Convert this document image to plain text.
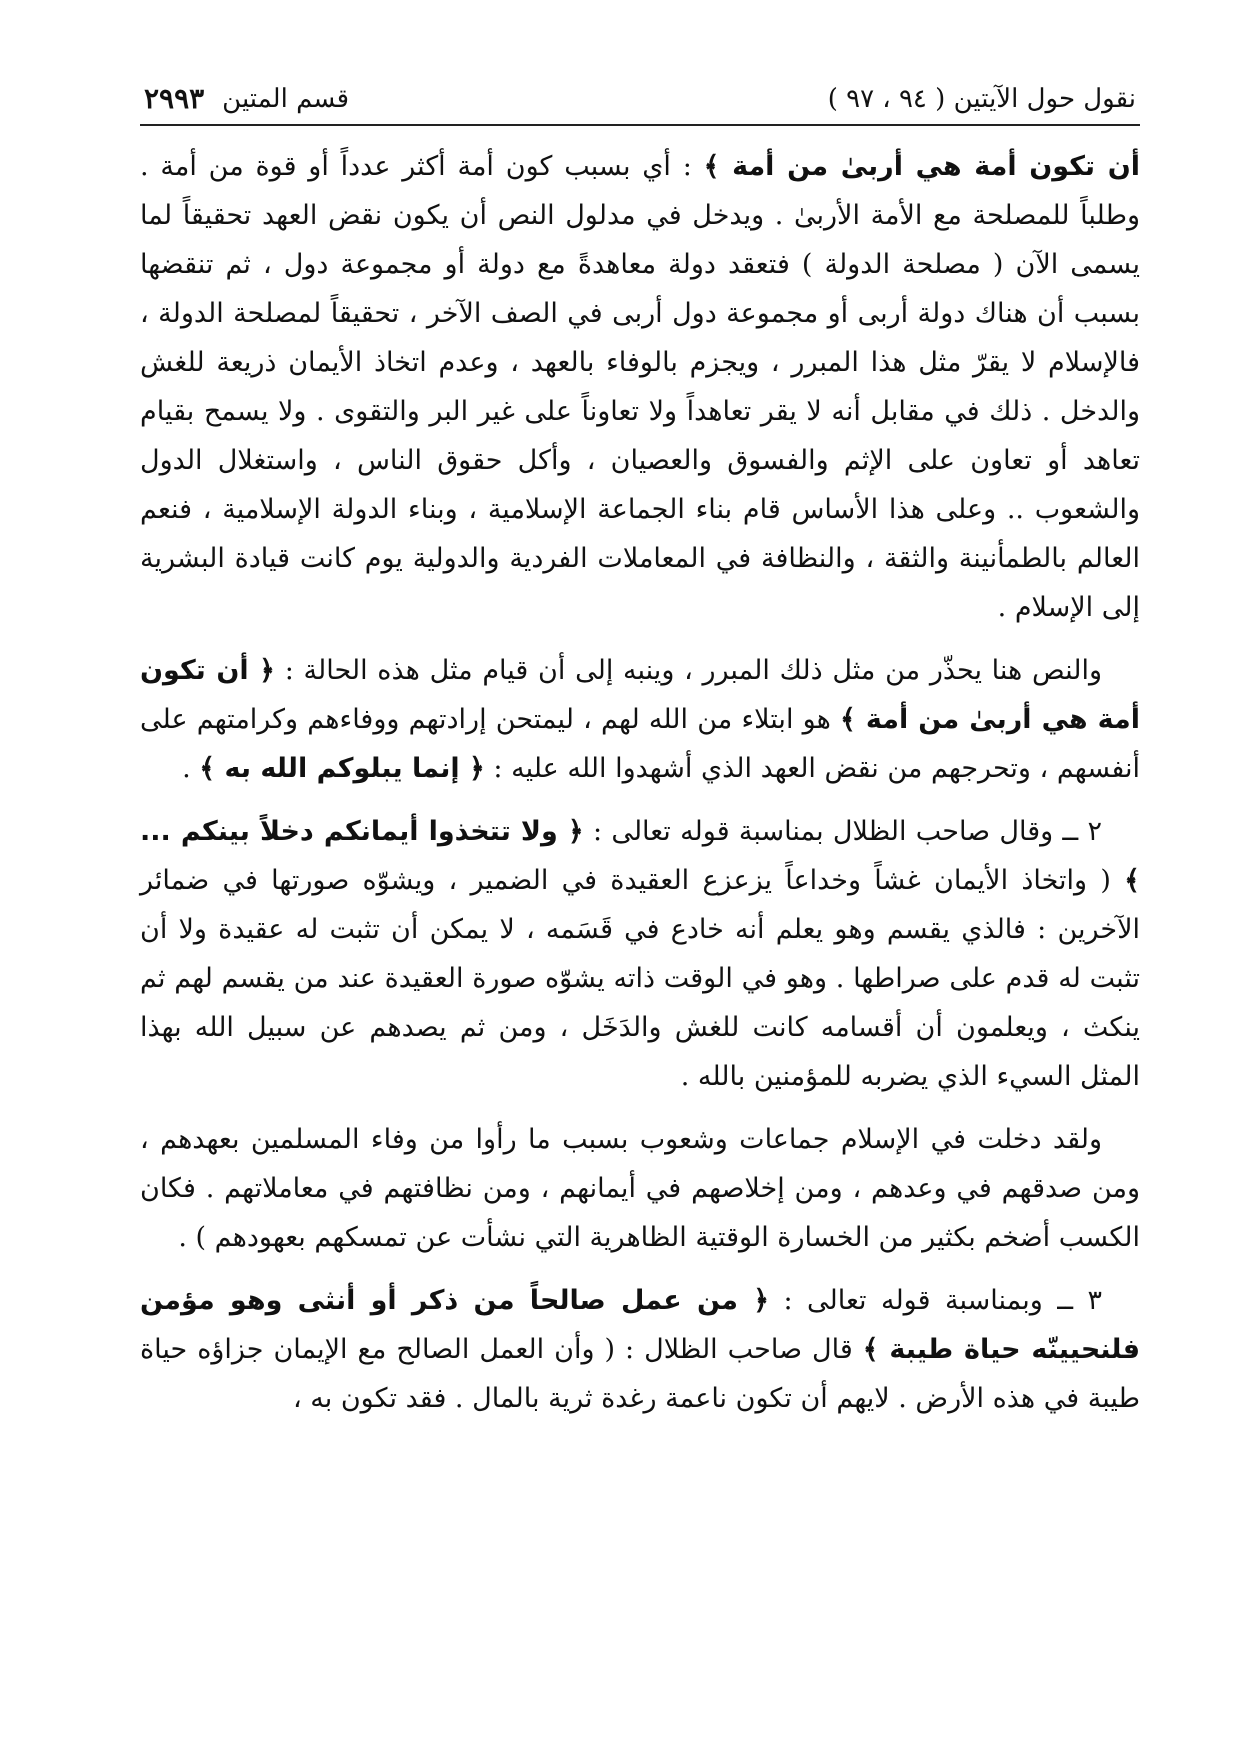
نقول حول الآيتين ( ٩٤ ، ٩٧ )
قسم المتين
٢٩٩٣

أن تكون أمة هي أربىٰ من أمة ﴾ : أي بسبب كون أمة أكثر عدداً أو قوة من أمة . وطلباً للمصلحة مع الأمة الأربىٰ . ويدخل في مدلول النص أن يكون نقض العهد تحقيقاً لما يسمى الآن ( مصلحة الدولة ) فتعقد دولة معاهدةً مع دولة أو مجموعة دول ، ثم تنقضها بسبب أن هناك دولة أربى أو مجموعة دول أربى في الصف الآخر ، تحقيقاً لمصلحة الدولة ، فالإسلام لا يقرّ مثل هذا المبرر ، ويجزم بالوفاء بالعهد ، وعدم اتخاذ الأيمان ذريعة للغش والدخل . ذلك في مقابل أنه لا يقر تعاهداً ولا تعاوناً على غير البر والتقوى . ولا يسمح بقيام تعاهد أو تعاون على الإثم والفسوق والعصيان ، وأكل حقوق الناس ، واستغلال الدول والشعوب .. وعلى هذا الأساس قام بناء الجماعة الإسلامية ، وبناء الدولة الإسلامية ، فنعم العالم بالطمأنينة والثقة ، والنظافة في المعاملات الفردية والدولية يوم كانت قيادة البشرية إلى الإسلام .

والنص هنا يحذّر من مثل ذلك المبرر ، وينبه إلى أن قيام مثل هذه الحالة : ﴿ أن تكون أمة هي أربىٰ من أمة ﴾ هو ابتلاء من الله لهم ، ليمتحن إرادتهم ووفاءهم وكرامتهم على أنفسهم ، وتحرجهم من نقض العهد الذي أشهدوا الله عليه : ﴿ إنما يبلوكم الله به ﴾ .

٢ ــ وقال صاحب الظلال بمناسبة قوله تعالى : ﴿ ولا تتخذوا أيمانكم دخلاً بينكم ... ﴾ ( واتخاذ الأيمان غشاً وخداعاً يزعزع العقيدة في الضمير ، ويشوّه صورتها في ضمائر الآخرين : فالذي يقسم وهو يعلم أنه خادع في قَسَمه ، لا يمكن أن تثبت له عقيدة ولا أن تثبت له قدم على صراطها . وهو في الوقت ذاته يشوّه صورة العقيدة عند من يقسم لهم ثم ينكث ، ويعلمون أن أقسامه كانت للغش والدَخَل ، ومن ثم يصدهم عن سبيل الله بهذا المثل السيء الذي يضربه للمؤمنين بالله .

ولقد دخلت في الإسلام جماعات وشعوب بسبب ما رأوا من وفاء المسلمين بعهدهم ، ومن صدقهم في وعدهم ، ومن إخلاصهم في أيمانهم ، ومن نظافتهم في معاملاتهم . فكان الكسب أضخم بكثير من الخسارة الوقتية الظاهرية التي نشأت عن تمسكهم بعهودهم ) .

٣ ــ وبمناسبة قوله تعالى : ﴿ من عمل صالحاً من ذكر أو أنثى وهو مؤمن فلنحيينّه حياة طيبة ﴾ قال صاحب الظلال : ( وأن العمل الصالح مع الإيمان جزاؤه حياة طيبة في هذه الأرض . لايهم أن تكون ناعمة رغدة ثرية بالمال . فقد تكون به ،
